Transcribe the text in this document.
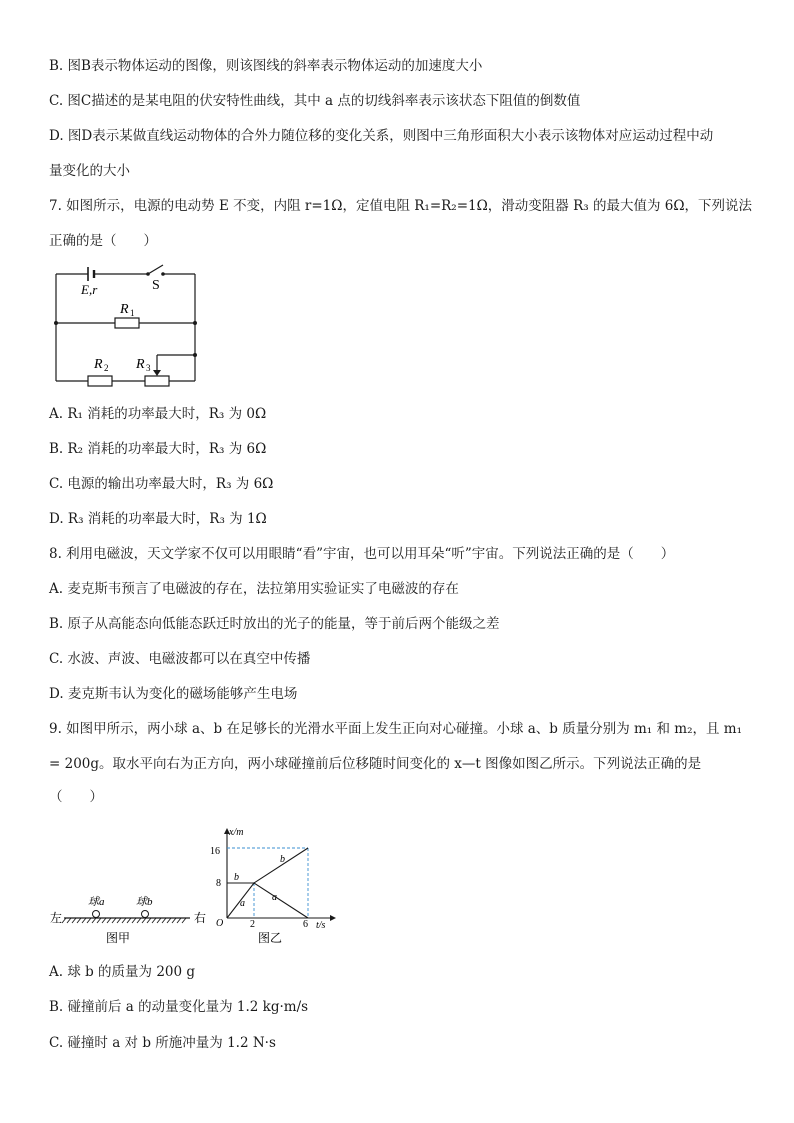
B. 图B表示物体运动的图像，则该图线的斜率表示物体运动的加速度大小
C. 图C描述的是某电阻的伏安特性曲线，其中 a 点的切线斜率表示该状态下阻值的倒数值
D. 图D表示某做直线运动物体的合外力随位移的变化关系，则图中三角形面积大小表示该物体对应运动过程中动
量变化的大小
7. 如图所示，电源的电动势 E 不变，内阻 r=1Ω，定值电阻 R₁=R₂=1Ω，滑动变阻器 R₃ 的最大值为 6Ω，下列说法
正确的是（　　）
E,r	S
R 1
R 2 R 3
A. R₁ 消耗的功率最大时，R₃ 为 0Ω
B. R₂ 消耗的功率最大时，R₃ 为 6Ω
C. 电源的输出功率最大时，R₃ 为 6Ω
D. R₃ 消耗的功率最大时，R₃ 为 1Ω
8. 利用电磁波，天文学家不仅可以用眼睛“看”宇宙，也可以用耳朵“听”宇宙。下列说法正确的是（　　）
A. 麦克斯韦预言了电磁波的存在，法拉第用实验证实了电磁波的存在
B. 原子从高能态向低能态跃迁时放出的光子的能量，等于前后两个能级之差
C. 水波、声波、电磁波都可以在真空中传播
D. 麦克斯韦认为变化的磁场能够产生电场
9. 如图甲所示，两小球 a、b 在足够长的光滑水平面上发生正向对心碰撞。小球 a、b 质量分别为 m₁ 和 m₂，且 m₁
= 200g。取水平向右为正方向，两小球碰撞前后位移随时间变化的 x—t 图像如图乙所示。下列说法正确的是
（　　）
左	右
球a	球b
图甲
x/m
t/s
O
16
8
2	6
b
a
b
a
图乙
A. 球 b 的质量为 200 g
B. 碰撞前后 a 的动量变化量为 1.2 kg·m/s
C. 碰撞时 a 对 b 所施冲量为 1.2 N·s
